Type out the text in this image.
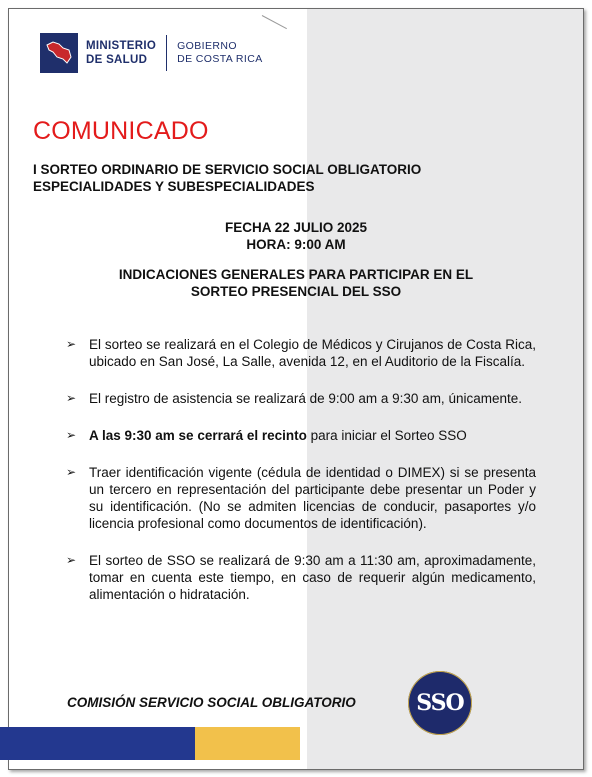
MINISTERIO
DE SALUD
GOBIERNO
DE COSTA RICA
COMUNICADO
I SORTEO ORDINARIO DE SERVICIO SOCIAL OBLIGATORIO
ESPECIALIDADES Y SUBESPECIALIDADES
FECHA 22 JULIO 2025
HORA: 9:00 AM
INDICACIONES GENERALES PARA PARTICIPAR EN EL
SORTEO PRESENCIAL DEL SSO
➢ El sorteo se realizará en el Colegio de Médicos y Cirujanos de Costa Rica, ubicado en San José, La Salle, avenida 12, en el Auditorio de la Fiscalía.
➢ El registro de asistencia se realizará de 9:00 am a 9:30 am, únicamente.
➢ A las 9:30 am se cerrará el recinto para iniciar el Sorteo SSO
➢ Traer identificación vigente (cédula de identidad o DIMEX) si se presenta un tercero en representación del participante debe presentar un Poder y su identificación. (No se admiten licencias de conducir, pasaportes y/o licencia profesional como documentos de identificación).
➢ El sorteo de SSO se realizará de 9:30 am a 11:30 am, aproximadamente, tomar en cuenta este tiempo, en caso de requerir algún medicamento, alimentación o hidratación.
COMISIÓN SERVICIO SOCIAL OBLIGATORIO	SSO
